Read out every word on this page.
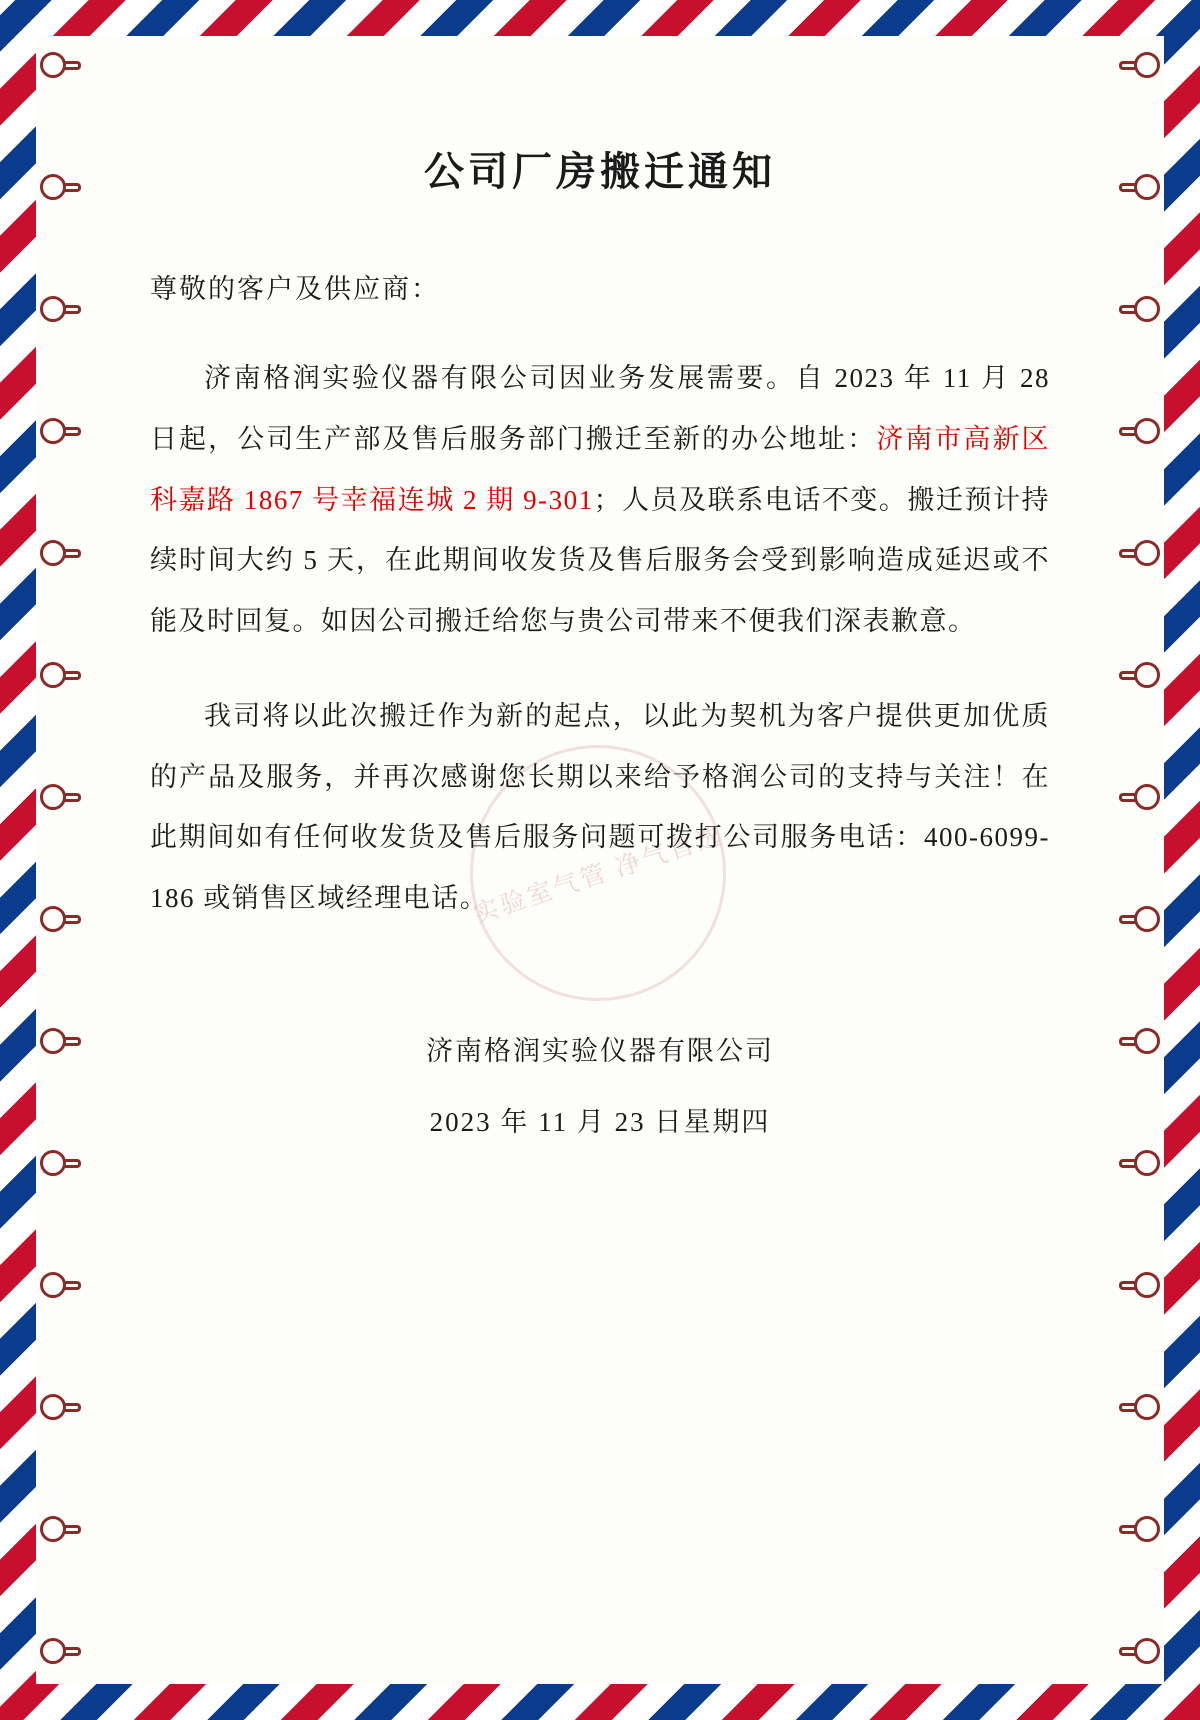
实验室气管 净气首选
公司厂房搬迁通知
尊敬的客户及供应商：

济南格润实验仪器有限公司因业务发展需要。自 2023 年 11 月 28 日起，公司生产部及售后服务部门搬迁至新的办公地址：济南市高新区科嘉路 1867 号幸福连城 2 期 9-301；人员及联系电话不变。搬迁预计持续时间大约 5 天，在此期间收发货及售后服务会受到影响造成延迟或不能及时回复。如因公司搬迁给您与贵公司带来不便我们深表歉意。

我司将以此次搬迁作为新的起点，以此为契机为客户提供更加优质的产品及服务，并再次感谢您长期以来给予格润公司的支持与关注！在此期间如有任何收发货及售后服务问题可拨打公司服务电话：400-6099-186 或销售区域经理电话。

济南格润实验仪器有限公司
2023 年 11 月 23 日星期四
